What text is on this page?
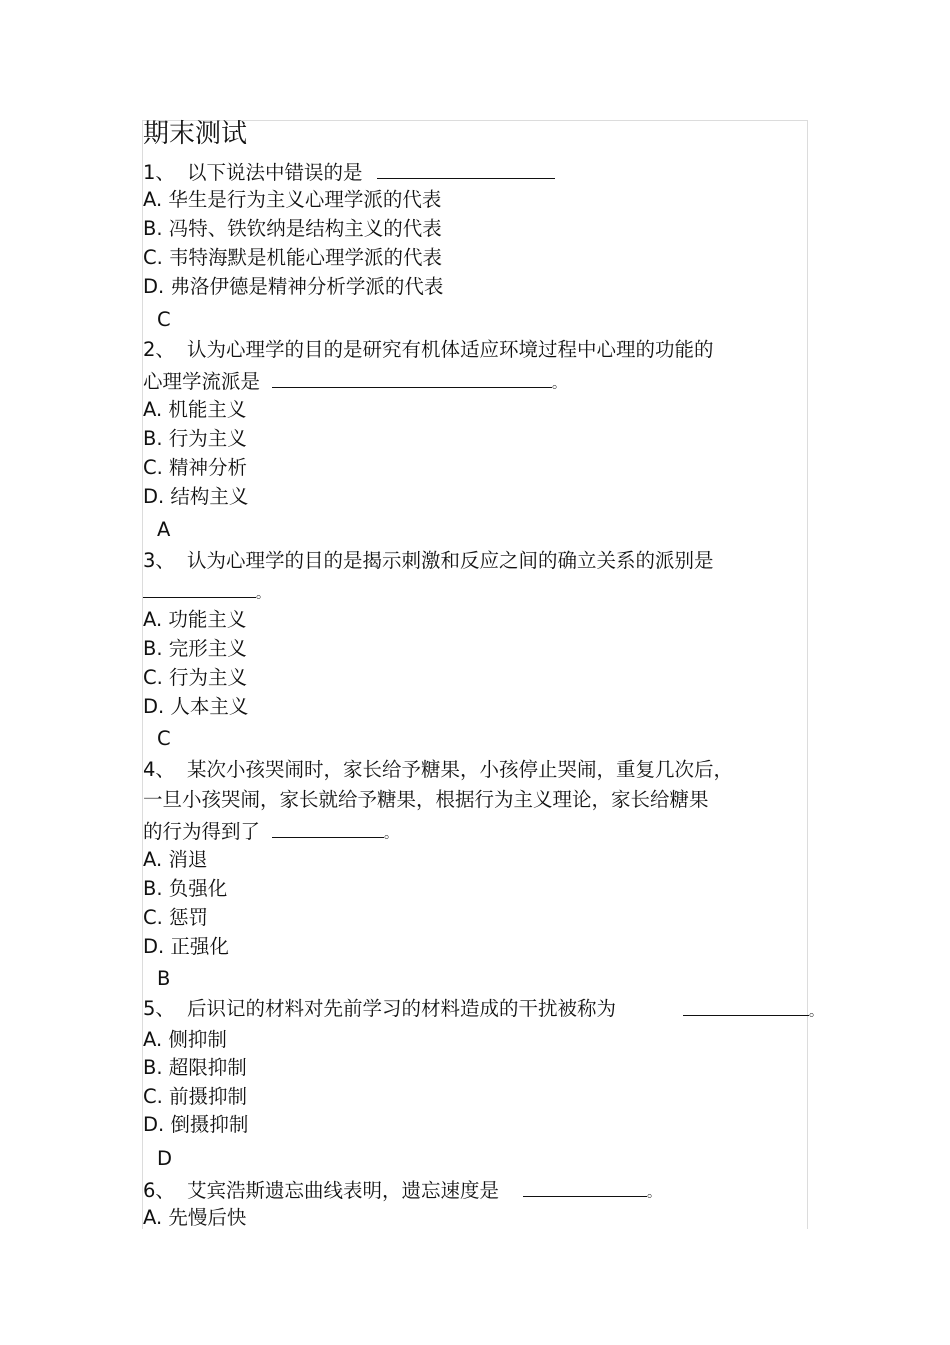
期末测试
1、 以下说法中错误的是
A. 华生是行为主义心理学派的代表
B. 冯特、铁钦纳是结构主义的代表
C. 韦特海默是机能心理学派的代表
D. 弗洛伊德是精神分析学派的代表
C
2、 认为心理学的目的是研究有机体适应环境过程中心理的功能的
心理学流派是	。
A. 机能主义
B. 行为主义
C. 精神分析
D. 结构主义
A
3、 认为心理学的目的是揭示刺激和反应之间的确立关系的派别是
。
A. 功能主义
B. 完形主义
C. 行为主义
D. 人本主义
C
4、 某次小孩哭闹时，家长给予糖果，小孩停止哭闹，重复几次后，
一旦小孩哭闹，家长就给予糖果，根据行为主义理论，家长给糖果
的行为得到了	。
A. 消退
B. 负强化
C. 惩罚
D. 正强化
B
5、 后识记的材料对先前学习的材料造成的干扰被称为	。
A. 侧抑制
B. 超限抑制
C. 前摄抑制
D. 倒摄抑制
D
6、 艾宾浩斯遗忘曲线表明，遗忘速度是	。
A. 先慢后快
